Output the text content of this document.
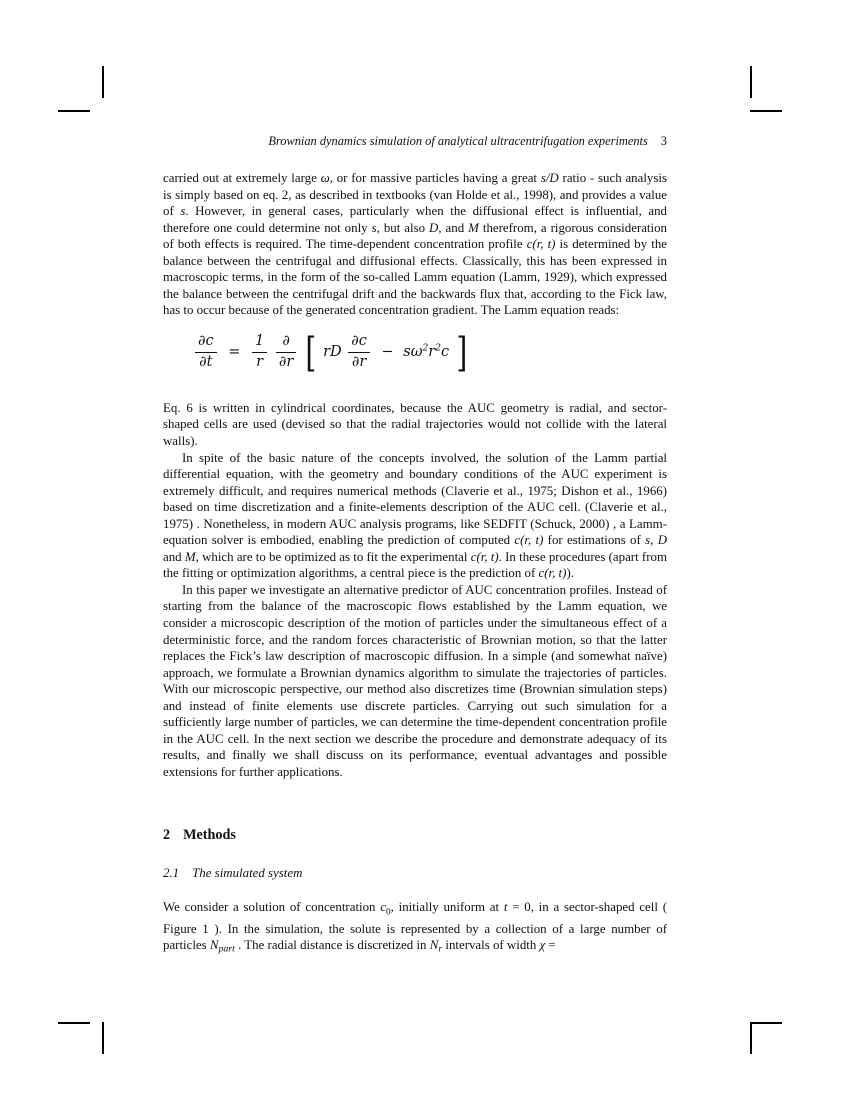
Brownian dynamics simulation of analytical ultracentrifugation experiments 3

carried out at extremely large ω, or for massive particles having a great s/D ratio - such analysis is simply based on eq. 2, as described in textbooks (van Holde et al., 1998), and provides a value of s. However, in general cases, particularly when the diffusional effect is influential, and therefore one could determine not only s, but also D, and M therefrom, a rigorous consideration of both effects is required. The time-dependent concentration profile c(r, t) is determined by the balance between the centrifugal and diffusional effects. Classically, this has been expressed in macroscopic terms, in the form of the so-called Lamm equation (Lamm, 1929), which expressed the balance between the centrifugal drift and the backwards flux that, according to the Fick law, has to occur because of the generated concentration gradient. The Lamm equation reads:

$\frac{\partial c}{\partial t} = \frac{1}{r}$
$\frac{\partial}{\partial r}$ [ rD $\frac{\partial c}{\partial r} - s\omega^2r^2c$ ]

Eq. 6 is written in cylindrical coordinates, because the AUC geometry is radial, and sector-shaped cells are used (devised so that the radial trajectories would not collide with the lateral walls).

In spite of the basic nature of the concepts involved, the solution of the Lamm partial differential equation, with the geometry and boundary conditions of the AUC experiment is extremely difficult, and requires numerical methods (Claverie et al., 1975; Dishon et al., 1966) based on time discretization and a finite-elements description of the AUC cell. (Claverie et al., 1975) . Nonetheless, in modern AUC analysis programs, like SEDFIT (Schuck, 2000) , a Lamm-equation solver is embodied, enabling the prediction of computed c(r, t) for estimations of s, D and M, which are to be optimized as to fit the experimental c(r, t). In these procedures (apart from the fitting or optimization algorithms, a central piece is the prediction of c(r, t)).

In this paper we investigate an alternative predictor of AUC concentration profiles. Instead of starting from the balance of the macroscopic flows established by the Lamm equation, we consider a microscopic description of the motion of particles under the simultaneous effect of a deterministic force, and the random forces characteristic of Brownian motion, so that the latter replaces the Fick’s law description of macroscopic diffusion. In a simple (and somewhat naïve) approach, we formulate a Brownian dynamics algorithm to simulate the trajectories of particles. With our microscopic perspective, our method also discretizes time (Brownian simulation steps) and instead of finite elements use discrete particles. Carrying out such simulation for a sufficiently large number of particles, we can determine the time-dependent concentration profile in the AUC cell. In the next section we describe the procedure and demonstrate adequacy of its results, and finally we shall discuss on its performance, eventual advantages and possible extensions for further applications.

2 Methods
2.1 The simulated system

We consider a solution of concentration $c_0$, initially uniform at t = 0, in a sector-shaped cell ( Figure 1 ). In the simulation, the solute is represented by a collection of a large number of particles $N_{part}$ . The radial distance is discretized in $N_r$ intervals of width χ =
